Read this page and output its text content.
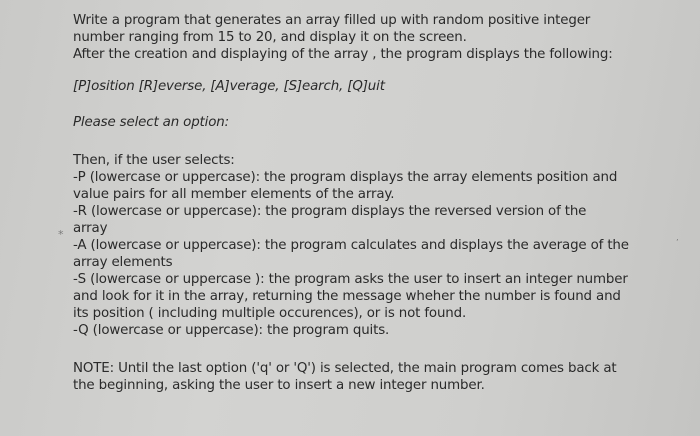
Write a program that generates an array filled up with random positive integer
number ranging from 15 to 20, and display it on the screen.
After the creation and displaying of the array , the program displays the following:
[P]osition [R]everse, [A]verage, [S]earch, [Q]uit
Please select an option:
Then, if the user selects:
-P (lowercase or uppercase): the program displays the array elements position and
value pairs for all member elements of the array.
-R (lowercase or uppercase): the program displays the reversed version of the
array
-A (lowercase or uppercase): the program calculates and displays the average of the
array elements
-S (lowercase or uppercase ): the program asks the user to insert an integer number
and look for it in the array, returning the message wheher the number is found and
its position ( including multiple occurences), or is not found.
-Q (lowercase or uppercase): the program quits.
NOTE: Until the last option ('q' or 'Q') is selected, the main program comes back at
the beginning, asking the user to insert a new integer number.
*
’
